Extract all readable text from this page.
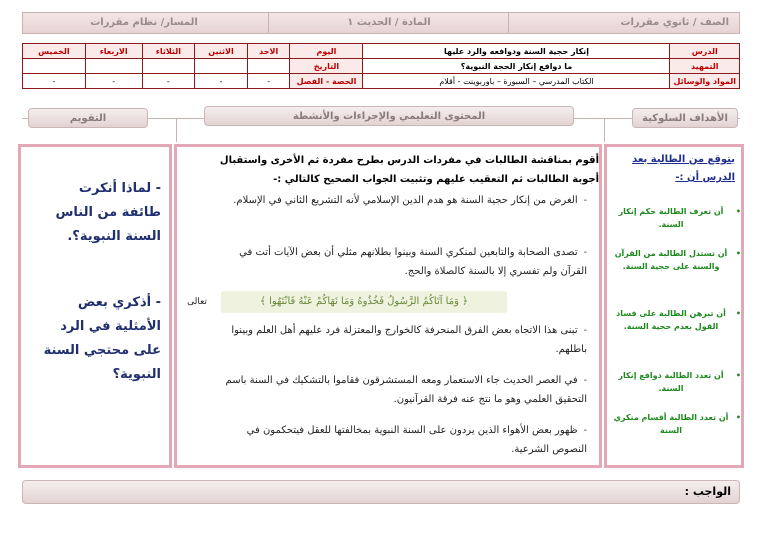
الصف / ثانوي مقررات
المادة / الحديث ١
المسار/ نظام مقررات
الدرس	إنكار حجية السنة ودوافعه والرد عليها	اليوم	الاحد	الاثنين	الثلاثاء	الاربعاء	الخميس
التمهيد	ما دوافع إنكار الحجة النبوية؟	التاريخ					
المواد والوسائل	الكتاب المدرسي – السبورة – باوربوينت - أقلام	الحصة - الفصل	-	-	-	-	-
الأهداف السلوكية
المحتوى التعليمي والإجراءات والأنشطة
التقويم
يتوقع من الطالبة بعد الدرس أن :-
•
أن تعرف الطالبة حكم إنكار السنة.
•
أن تستدل الطالبة من القرآن والسنة على حجية السنة.
•
أن تبرهن الطالبة على فساد القول بعدم حجية السنة.
•
أن تعدد الطالبة دوافع إنكار السنة.
•
أن تعدد الطالبة أقسام منكري السنة
أقوم بمناقشة الطالبات في مفردات الدرس بطرح مفردة ثم الأخرى واستقبال أجوبة الطالبات ثم التعقيب عليهم وتثبيت الجواب الصحيح كالتالي :-
-الغرض من إنكار حجية السنة هو هدم الدين الإسلامي لأنه التشريع الثاني في الإسلام.
-تصدى الصحابة والتابعين لمنكري السنة وبينوا بطلانهم مثلي أن بعض الآيات أتت في القرآن ولم تفسري إلا بالسنة كالصلاة والحج.
تعالى	﴿ وَمَا آتَاكُمُ الرَّسُولُ فَخُذُوهُ وَمَا نَهَاكُمْ عَنْهُ فَانْتَهُوا ﴾
-تبنى هذا الاتجاه بعض الفرق المنحرفة كالخوارج والمعتزلة فرد عليهم أهل العلم وبينوا باطلهم.
-في العصر الحديث جاء الاستعمار ومعه المستشرقون فقاموا بالتشكيك في السنة باسم التحقيق العلمي وهو ما نتج عنه فرقة القرآنيون.
-ظهور بعض الأهواء الذين يردون على السنة النبوية بمخالفتها للعقل فيتحكمون في النصوص الشرعية.
- لماذا أنكرت طائفة من الناس السنة النبوية؟.
- أذكري بعض الأمثلية في الرد على محتجي السنة النبوية؟
الواجب :
